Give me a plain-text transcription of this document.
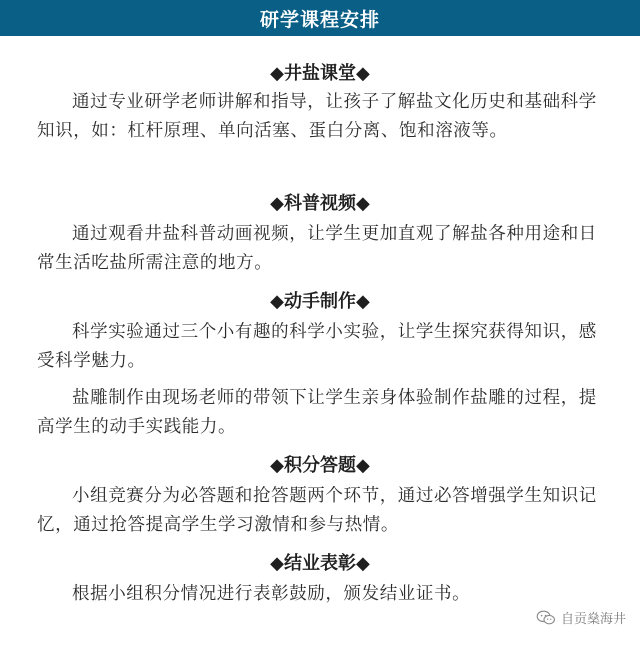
研学课程安排
◆井盐课堂◆

通过专业研学老师讲解和指导，让孩子了解盐文化历史和基础科学知识，如：杠杆原理、单向活塞、蛋白分离、饱和溶液等。

◆科普视频◆

通过观看井盐科普动画视频，让学生更加直观了解盐各种用途和日常生活吃盐所需注意的地方。

◆动手制作◆

科学实验通过三个小有趣的科学小实验，让学生探究获得知识，感受科学魅力。

盐雕制作由现场老师的带领下让学生亲身体验制作盐雕的过程，提高学生的动手实践能力。

◆积分答题◆

小组竞赛分为必答题和抢答题两个环节，通过必答增强学生知识记忆，通过抢答提高学生学习激情和参与热情。

◆结业表彰◆

根据小组积分情况进行表彰鼓励，颁发结业证书。

自贡燊海井
